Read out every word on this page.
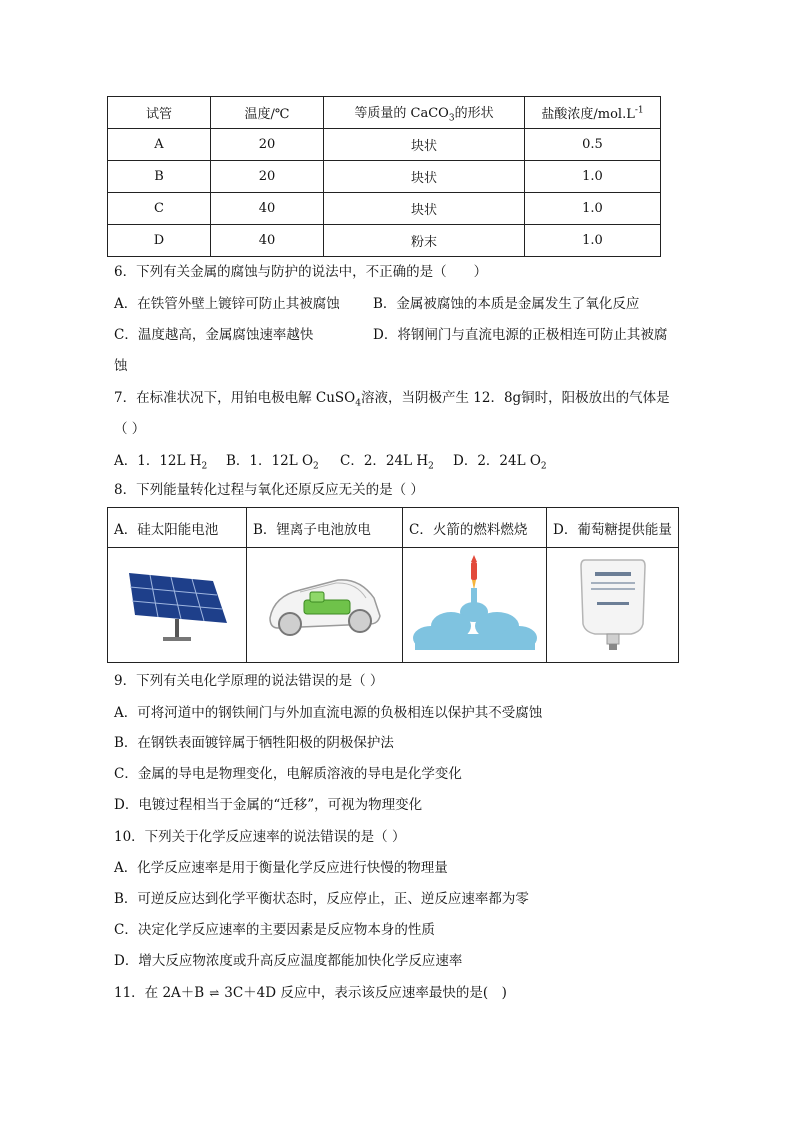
试管	温度/℃	等质量的 CaCO$_3$的形状	盐酸浓度$/mol.L^{-1}$
A	20	块状	0.5
B	20	块状	1.0
C	40	块状	1.0
D	40	粉末	1.0
6．下列有关金属的腐蚀与防护的说法中，不正确的是（　　）
A．在铁管外壁上镀锌可防止其被腐蚀 B．金属被腐蚀的本质是金属发生了氧化反应
C．温度越高，金属腐蚀速率越快	D．将钢闸门与直流电源的正极相连可防止其被腐
蚀
7．在标准状况下，用铂电极电解 CuSO$_4$溶液，当阴极产生 12．8g铜时，阳极放出的气体是
（ ）
A．1．12L $H_2$ B．1．12L $O_2$ C．2．24L $H_2$ D．2．24L $O_2$
8．下列能量转化过程与氧化还原反应无关的是（ ）
A．硅太阳能电池	B．锂离子电池放电	C．火箭的燃料燃烧	D．葡萄糖提供能量

9．下列有关电化学原理的说法错误的是（ ）
A．可将河道中的钢铁闸门与外加直流电源的负极相连以保护其不受腐蚀
B．在钢铁表面镀锌属于牺牲阳极的阴极保护法
C．金属的导电是物理变化，电解质溶液的导电是化学变化
D．电镀过程相当于金属的“迁移”，可视为物理变化
10．下列关于化学反应速率的说法错误的是（ ）
A．化学反应速率是用于衡量化学反应进行快慢的物理量
B．可逆反应达到化学平衡状态时，反应停止，正、逆反应速率都为零
C．决定化学反应速率的主要因素是反应物本身的性质
D．增大反应物浓度或升高反应温度都能加快化学反应速率
11．在 2A＋B ⇌ 3C＋4D 反应中，表示该反应速率最快的是(　)
